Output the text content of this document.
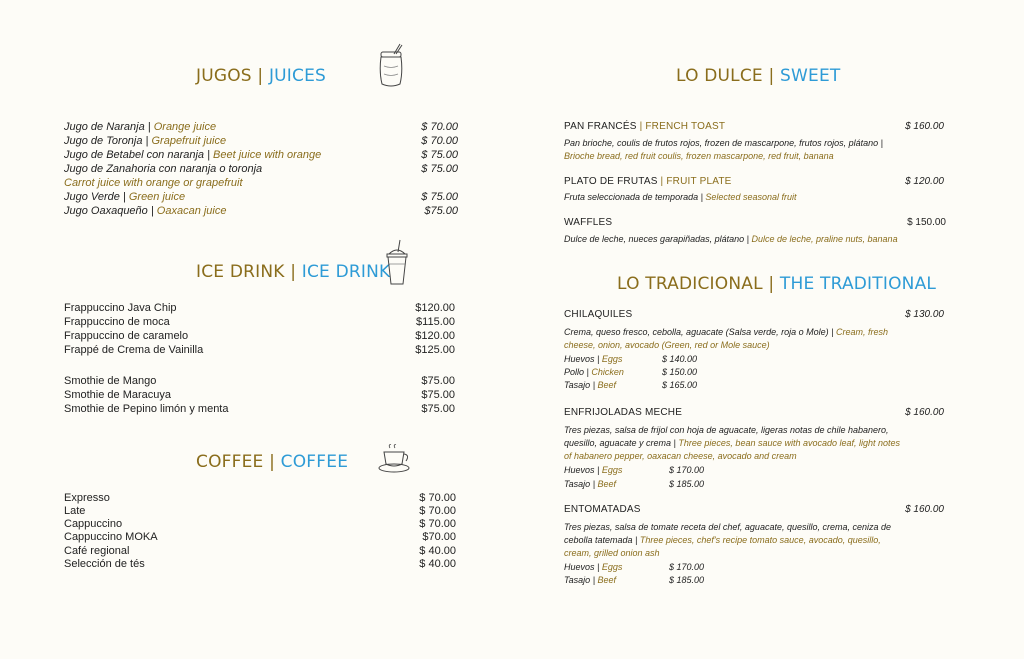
JUGOS | JUICES
Jugo de Naranja | Orange juice	$ 70.00
Jugo de Toronja | Grapefruit juice	$ 70.00
Jugo de Betabel con naranja | Beet juice with orange	$ 75.00
Jugo de Zanahoria con naranja o toronja	$ 75.00
Carrot juice with orange or grapefruit
Jugo Verde | Green juice	$ 75.00
Jugo Oaxaqueño | Oaxacan juice	$75.00
ICE DRINK | ICE DRINK
Frappuccino Java Chip	$120.00
Frappuccino de moca	$115.00
Frappuccino de caramelo	$120.00
Frappé de Crema de Vainilla	$125.00
Smothie de Mango	$75.00
Smothie de Maracuya	$75.00
Smothie de Pepino limón y menta	$75.00
COFFEE | COFFEE
Expresso	$ 70.00
Late	$ 70.00
Cappuccino	$ 70.00
Cappuccino MOKA	$70.00
Café regional	$ 40.00
Selección de tés	$ 40.00
LO DULCE | SWEET
PAN FRANCÉS | FRENCH TOAST	$ 160.00
Pan brioche, coulis de frutos rojos, frozen de mascarpone, frutos rojos, plátano | Brioche bread, red fruit coulis, frozen mascarpone, red fruit, banana
PLATO DE FRUTAS | FRUIT PLATE	$ 120.00
Fruta seleccionada de temporada | Selected seasonal fruit
WAFFLES	$ 150.00
Dulce de leche, nueces garapiñadas, plátano | Dulce de leche, praline nuts, banana
LO TRADICIONAL | THE TRADITIONAL
CHILAQUILES	$ 130.00
Crema, queso fresco, cebolla, aguacate (Salsa verde, roja o Mole) | Cream, fresh cheese, onion, avocado (Green, red or Mole sauce)
Huevos | Eggs	$ 140.00
Pollo | Chicken	$ 150.00
Tasajo | Beef	$ 165.00
ENFRIJOLADAS MECHE	$ 160.00
Tres piezas, salsa de frijol con hoja de aguacate, ligeras notas de chile habanero, quesillo, aguacate y crema | Three pieces, bean sauce with avocado leaf, light notes of habanero pepper, oaxacan cheese, avocado and cream
Huevos | Eggs	$ 170.00
Tasajo | Beef	$ 185.00
ENTOMATADAS	$ 160.00
Tres piezas, salsa de tomate receta del chef, aguacate, quesillo, crema, ceniza de cebolla tatemada | Three pieces, chef's recipe tomato sauce, avocado, quesillo, cream, grilled onion ash
Huevos | Eggs	$ 170.00
Tasajo | Beef	$ 185.00
